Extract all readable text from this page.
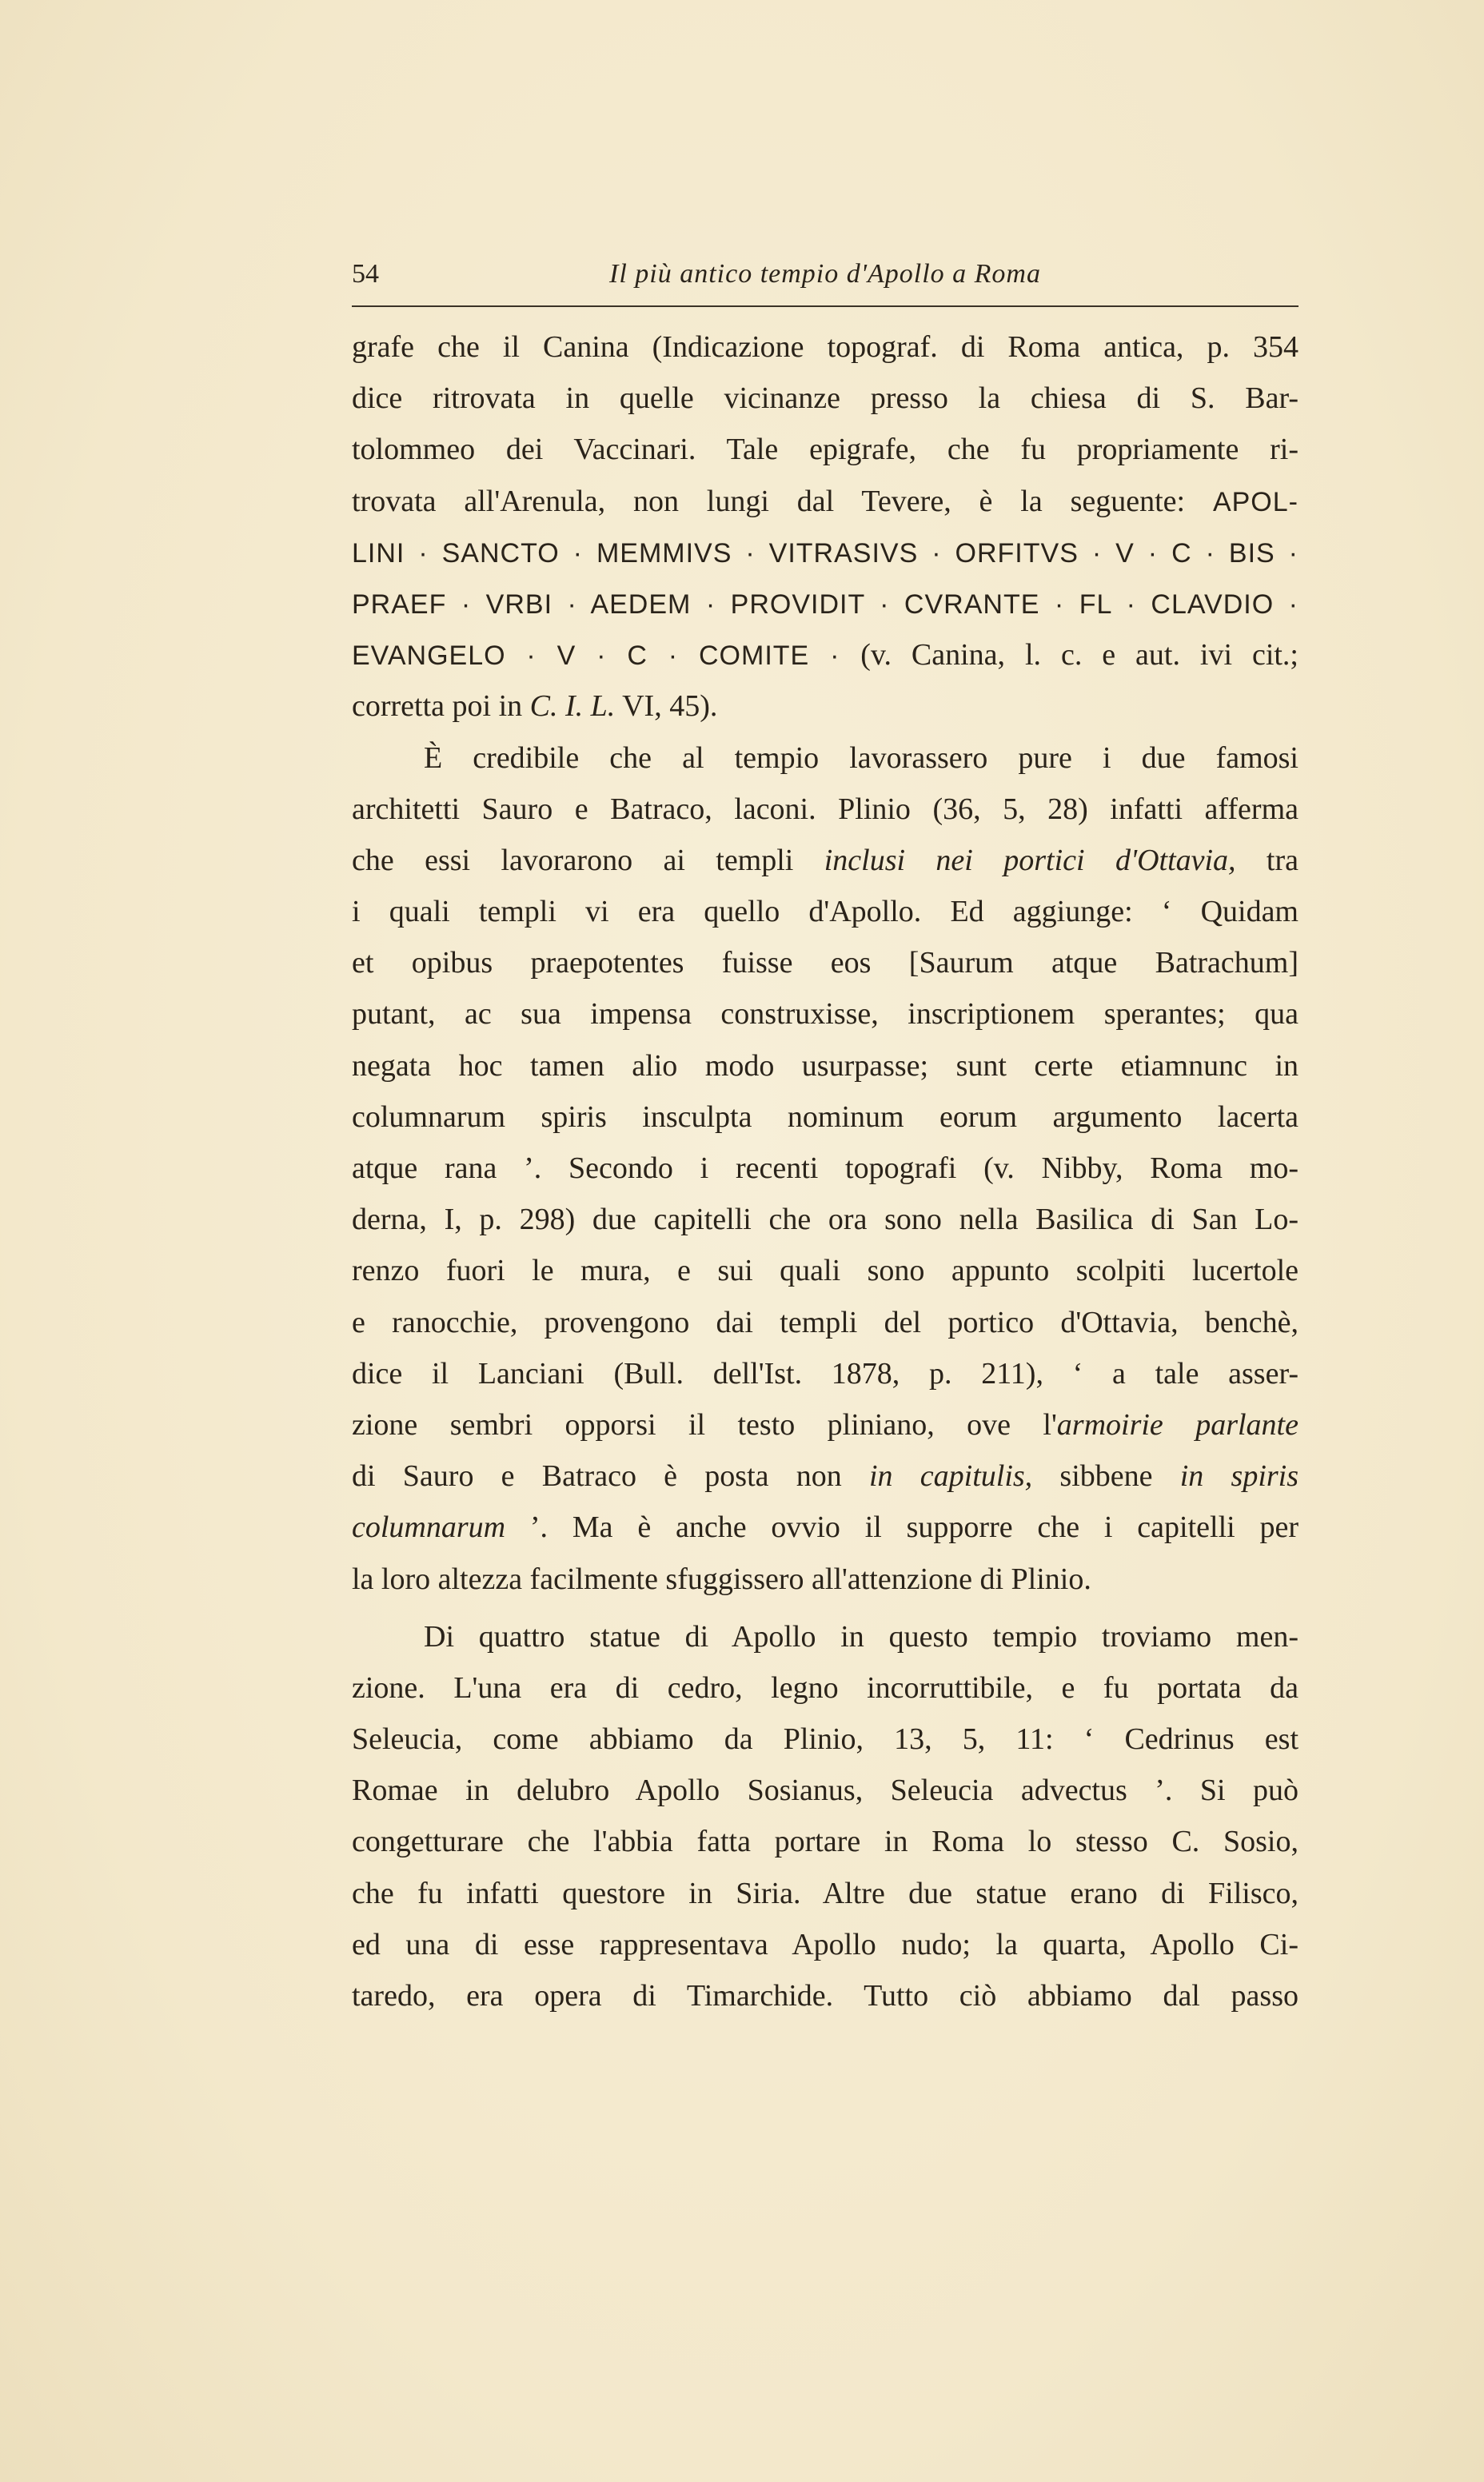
54	Il più antico tempio d'Apollo a Roma
grafe che il Canina (Indicazione topograf. di Roma antica, p. 354
dice ritrovata in quelle vicinanze presso la chiesa di S. Bar-
tolommeo dei Vaccinari. Tale epigrafe, che fu propriamente ri-
trovata all'Arenula, non lungi dal Tevere, è la seguente: APOL-
LINI · SANCTO · MEMMIVS · VITRASIVS · ORFITVS · V · C · BIS ·
PRAEF · VRBI · AEDEM · PROVIDIT · CVRANTE · FL · CLAVDIO ·
EVANGELO · V · C · COMITE · (v. Canina, l. c. e aut. ivi cit.;
corretta poi in C. I. L. VI, 45).
È credibile che al tempio lavorassero pure i due famosi
architetti Sauro e Batraco, laconi. Plinio (36, 5, 28) infatti afferma
che essi lavorarono ai templi inclusi nei portici d'Ottavia, tra
i quali templi vi era quello d'Apollo. Ed aggiunge: ‘ Quidam
et opibus praepotentes fuisse eos [Saurum atque Batrachum]
putant, ac sua impensa construxisse, inscriptionem sperantes; qua
negata hoc tamen alio modo usurpasse; sunt certe etiamnunc in
columnarum spiris insculpta nominum eorum argumento lacerta
atque rana ’. Secondo i recenti topografi (v. Nibby, Roma mo-
derna, I, p. 298) due capitelli che ora sono nella Basilica di San Lo-
renzo fuori le mura, e sui quali sono appunto scolpiti lucertole
e ranocchie, provengono dai templi del portico d'Ottavia, benchè,
dice il Lanciani (Bull. dell'Ist. 1878, p. 211), ‘ a tale asser-
zione sembri opporsi il testo pliniano, ove l'armoirie parlante
di Sauro e Batraco è posta non in capitulis, sibbene in spiris
columnarum ’. Ma è anche ovvio il supporre che i capitelli per
la loro altezza facilmente sfuggissero all'attenzione di Plinio.
Di quattro statue di Apollo in questo tempio troviamo men-
zione. L'una era di cedro, legno incorruttibile, e fu portata da
Seleucia, come abbiamo da Plinio, 13, 5, 11: ‘ Cedrinus est
Romae in delubro Apollo Sosianus, Seleucia advectus ’. Si può
congetturare che l'abbia fatta portare in Roma lo stesso C. Sosio,
che fu infatti questore in Siria. Altre due statue erano di Filisco,
ed una di esse rappresentava Apollo nudo; la quarta, Apollo Ci-
taredo, era opera di Timarchide. Tutto ciò abbiamo dal passo
